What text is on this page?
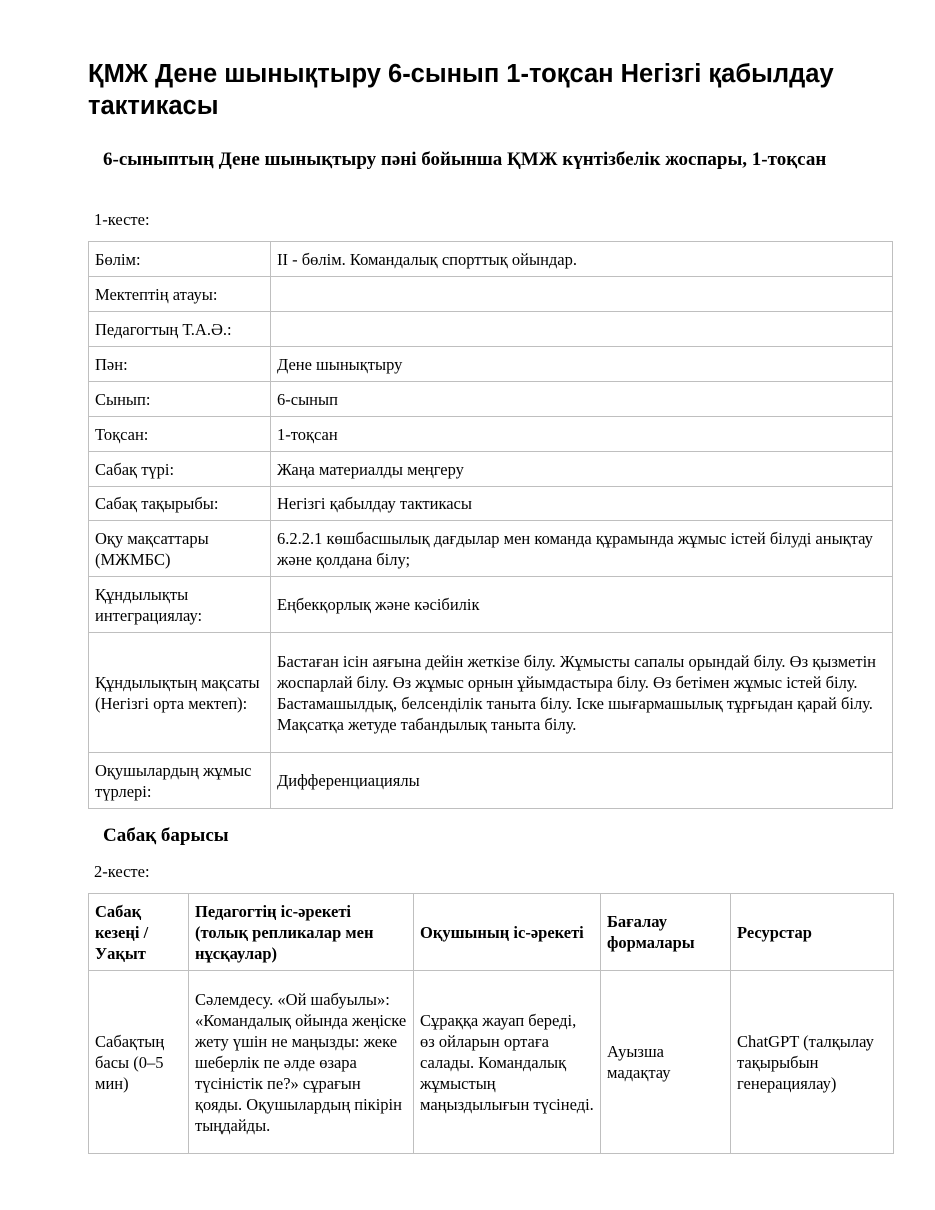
ҚМЖ Дене шынықтыру 6-сынып 1-тоқсан Негізгі қабылдау тактикасы
6-сыныптың Дене шынықтыру пәні бойынша ҚМЖ күнтізбелік жоспары, 1-тоқсан
1-кесте:
Бөлім:	ІІ - бөлім. Командалық спорттық ойындар.
Мектептің атауы:	
Педагогтың Т.А.Ә.:	
Пән:	Дене шынықтыру
Сынып:	6-сынып
Тоқсан:	1-тоқсан
Сабақ түрі:	Жаңа материалды меңгеру
Сабақ тақырыбы:	Негізгі қабылдау тактикасы
Оқу мақсаттары (МЖМБС)	6.2.2.1 көшбасшылық дағдылар мен команда құрамында жұмыс істей білуді анықтау және қолдана білу;
Құндылықты интеграциялау:	Еңбекқорлық және кәсібилік
Құндылықтың мақсаты (Негізгі орта мектеп):	Бастаған ісін аяғына дейін жеткізе білу. Жұмысты сапалы орындай білу. Өз қызметін жоспарлай білу. Өз жұмыс орнын ұйымдастыра білу. Өз бетімен жұмыс істей білу. Бастамашылдық, белсенділік таныта білу. Іске шығармашылық тұрғыдан қарай білу. Мақсатқа жетуде табандылық таныта білу.
Оқушылардың жұмыс түрлері:	Дифференциациялы
Сабақ барысы
2-кесте:
Сабақ кезеңі / Уақыт	Педагогтің іс-әрекеті (толық репликалар мен нұсқаулар)	Оқушының іс-әрекеті	Бағалау формалары	Ресурстар
Сабақтың басы (0–5 мин)	Сәлемдесу. «Ой шабуылы»: «Командалық ойында жеңіске жету үшін не маңызды: жеке шеберлік пе әлде өзара түсіністік пе?» сұрағын қояды. Оқушылардың пікірін тыңдайды.	Сұраққа жауап береді, өз ойларын ортаға салады. Командалық жұмыстың маңыздылығын түсінеді.	Ауызша мадақтау	ChatGPT (талқылау тақырыбын генерациялау)
